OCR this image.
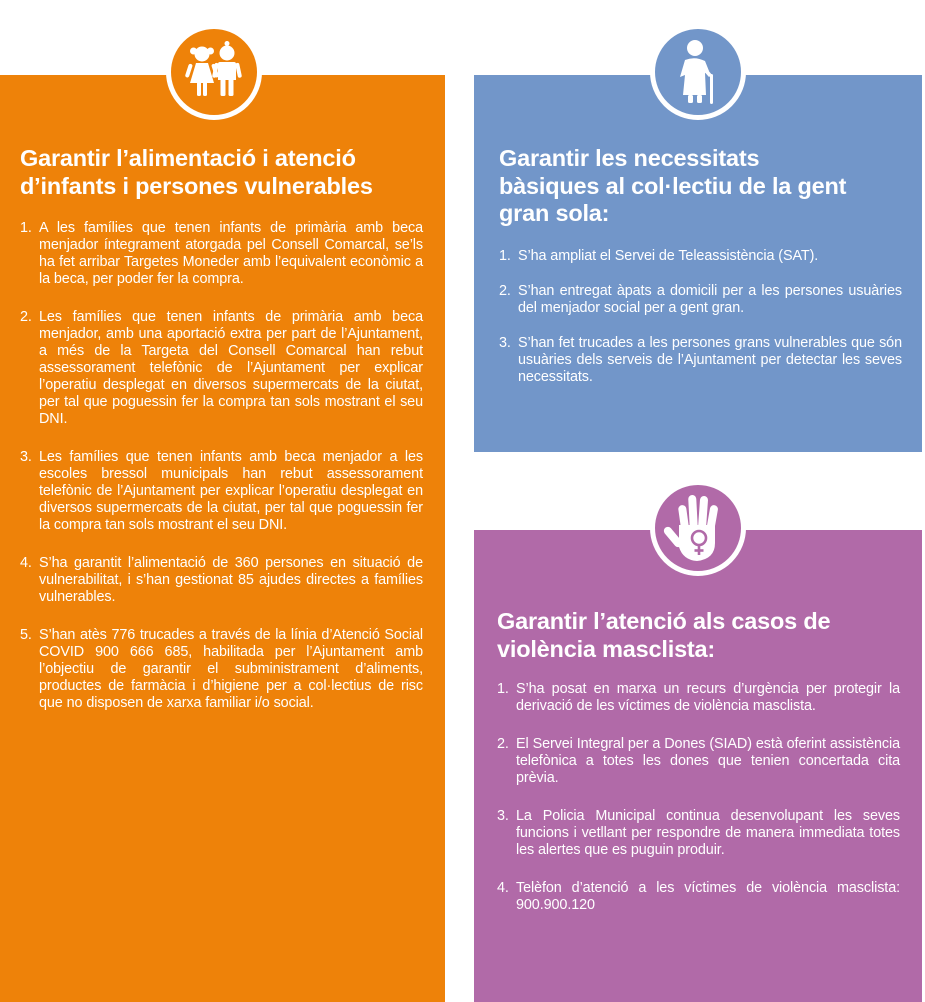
Garantir l’alimentació i atenció
d’infants i persones vulnerables
1. A les famílies que tenen infants de primària amb beca menjador íntegrament atorgada pel Consell Comarcal, se’ls ha fet arribar Targetes Moneder amb l’equivalent econòmic a la beca, per poder fer la compra.
2. Les famílies que tenen infants de primària amb beca menjador, amb una aportació extra per part de l’Ajuntament, a més de la Targeta del Consell Comarcal han rebut assessorament telefònic de l’Ajuntament per explicar l’operatiu desplegat en diversos supermercats de la ciutat, per tal que poguessin fer la compra tan sols mostrant el seu DNI.
3. Les famílies que tenen infants amb beca menjador a les escoles bressol municipals han rebut assessorament telefònic de l’Ajuntament per explicar l’operatiu desplegat en diversos supermercats de la ciutat, per tal que poguessin fer la compra tan sols mostrant el seu DNI.
4. S’ha garantit l’alimentació de 360 persones en situació de vulnerabilitat, i s’han gestionat 85 ajudes directes a famílies vulnerables.
5. S’han atès 776 trucades a través de la línia d’Atenció Social COVID 900 666 685, habilitada per l’Ajuntament amb l’objectiu de garantir el subministrament d’aliments, productes de farmàcia i d’higiene per a col·lectius de risc que no disposen de xarxa familiar i/o social.
Garantir les necessitats
bàsiques al col·lectiu de la gent
gran sola:
1. S’ha ampliat el Servei de Teleassistència (SAT).
2. S’han entregat àpats a domicili per a les persones usuàries del menjador social per a gent gran.
3. S’han fet trucades a les persones grans vulnerables que són usuàries dels serveis de l’Ajuntament per detectar les seves necessitats.
Garantir l’atenció als casos de
violència masclista:
1. S’ha posat en marxa un recurs d’urgència per protegir la derivació de les víctimes de violència masclista.
2. El Servei Integral per a Dones (SIAD) està oferint assistència telefònica a totes les dones que tenien concertada cita prèvia.
3. La Policia Municipal continua desenvolupant les seves funcions i vetllant per respondre de manera immediata totes les alertes que es puguin produir.
4. Telèfon d’atenció a les víctimes de violència masclista: 900.900.120
